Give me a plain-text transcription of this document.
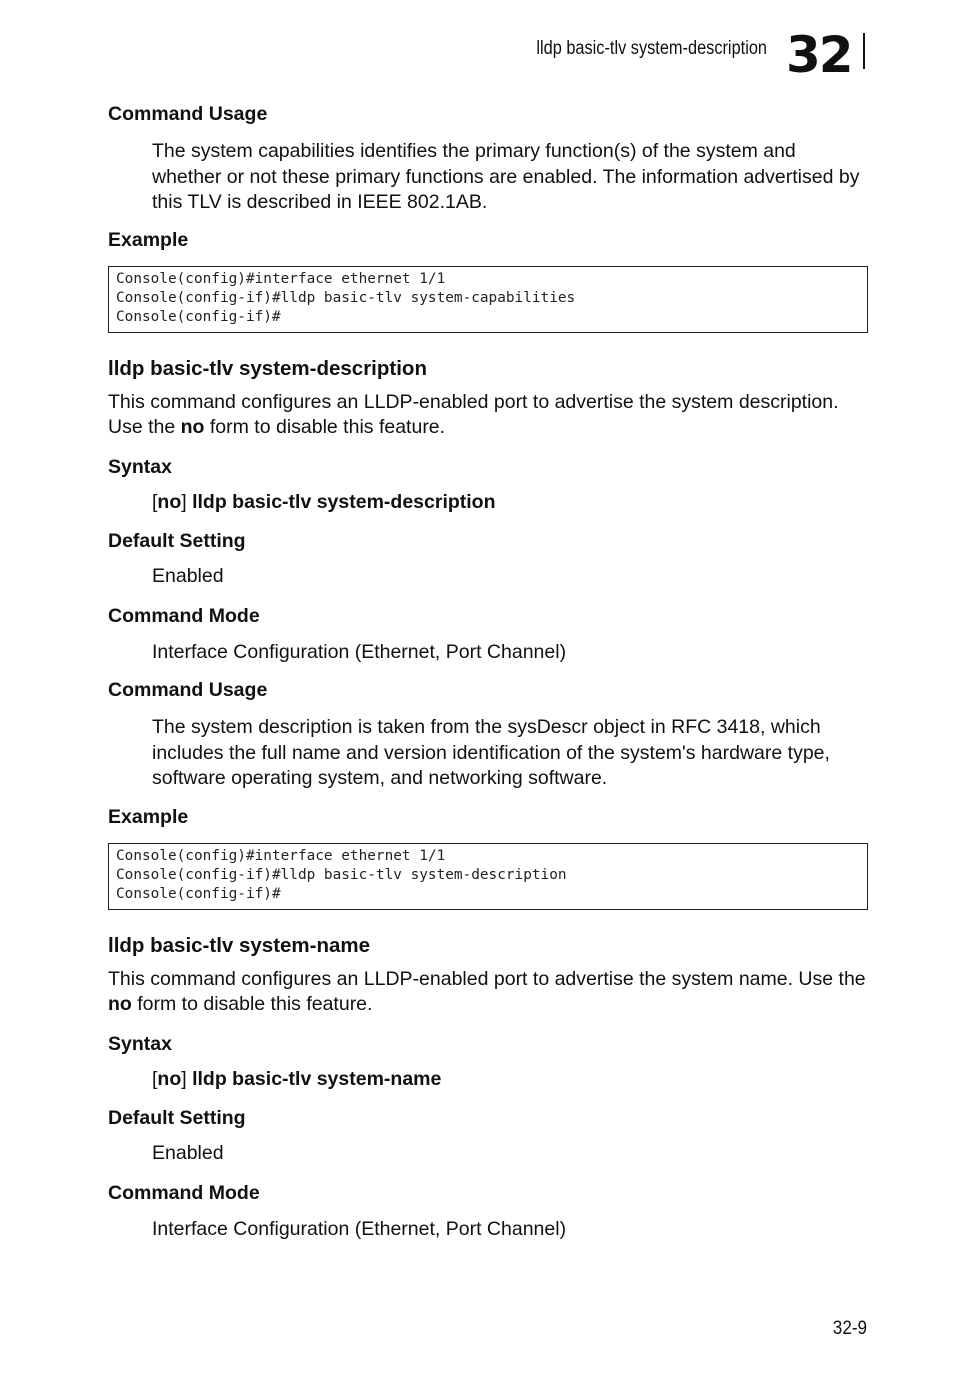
lldp basic-tlv system-description 32
Command Usage
The system capabilities identifies the primary function(s) of the system and whether or not these primary functions are enabled. The information advertised by this TLV is described in IEEE 802.1AB.
Example
Console(config)#interface ethernet 1/1
Console(config-if)#lldp basic-tlv system-capabilities
Console(config-if)#
lldp basic-tlv system-description
This command configures an LLDP-enabled port to advertise the system description. Use the no form to disable this feature.
Syntax
[no] lldp basic-tlv system-description
Default Setting
Enabled
Command Mode
Interface Configuration (Ethernet, Port Channel)
Command Usage
The system description is taken from the sysDescr object in RFC 3418, which includes the full name and version identification of the system's hardware type, software operating system, and networking software.
Example
Console(config)#interface ethernet 1/1
Console(config-if)#lldp basic-tlv system-description
Console(config-if)#
lldp basic-tlv system-name
This command configures an LLDP-enabled port to advertise the system name. Use the no form to disable this feature.
Syntax
[no] lldp basic-tlv system-name
Default Setting
Enabled
Command Mode
Interface Configuration (Ethernet, Port Channel)
32-9
